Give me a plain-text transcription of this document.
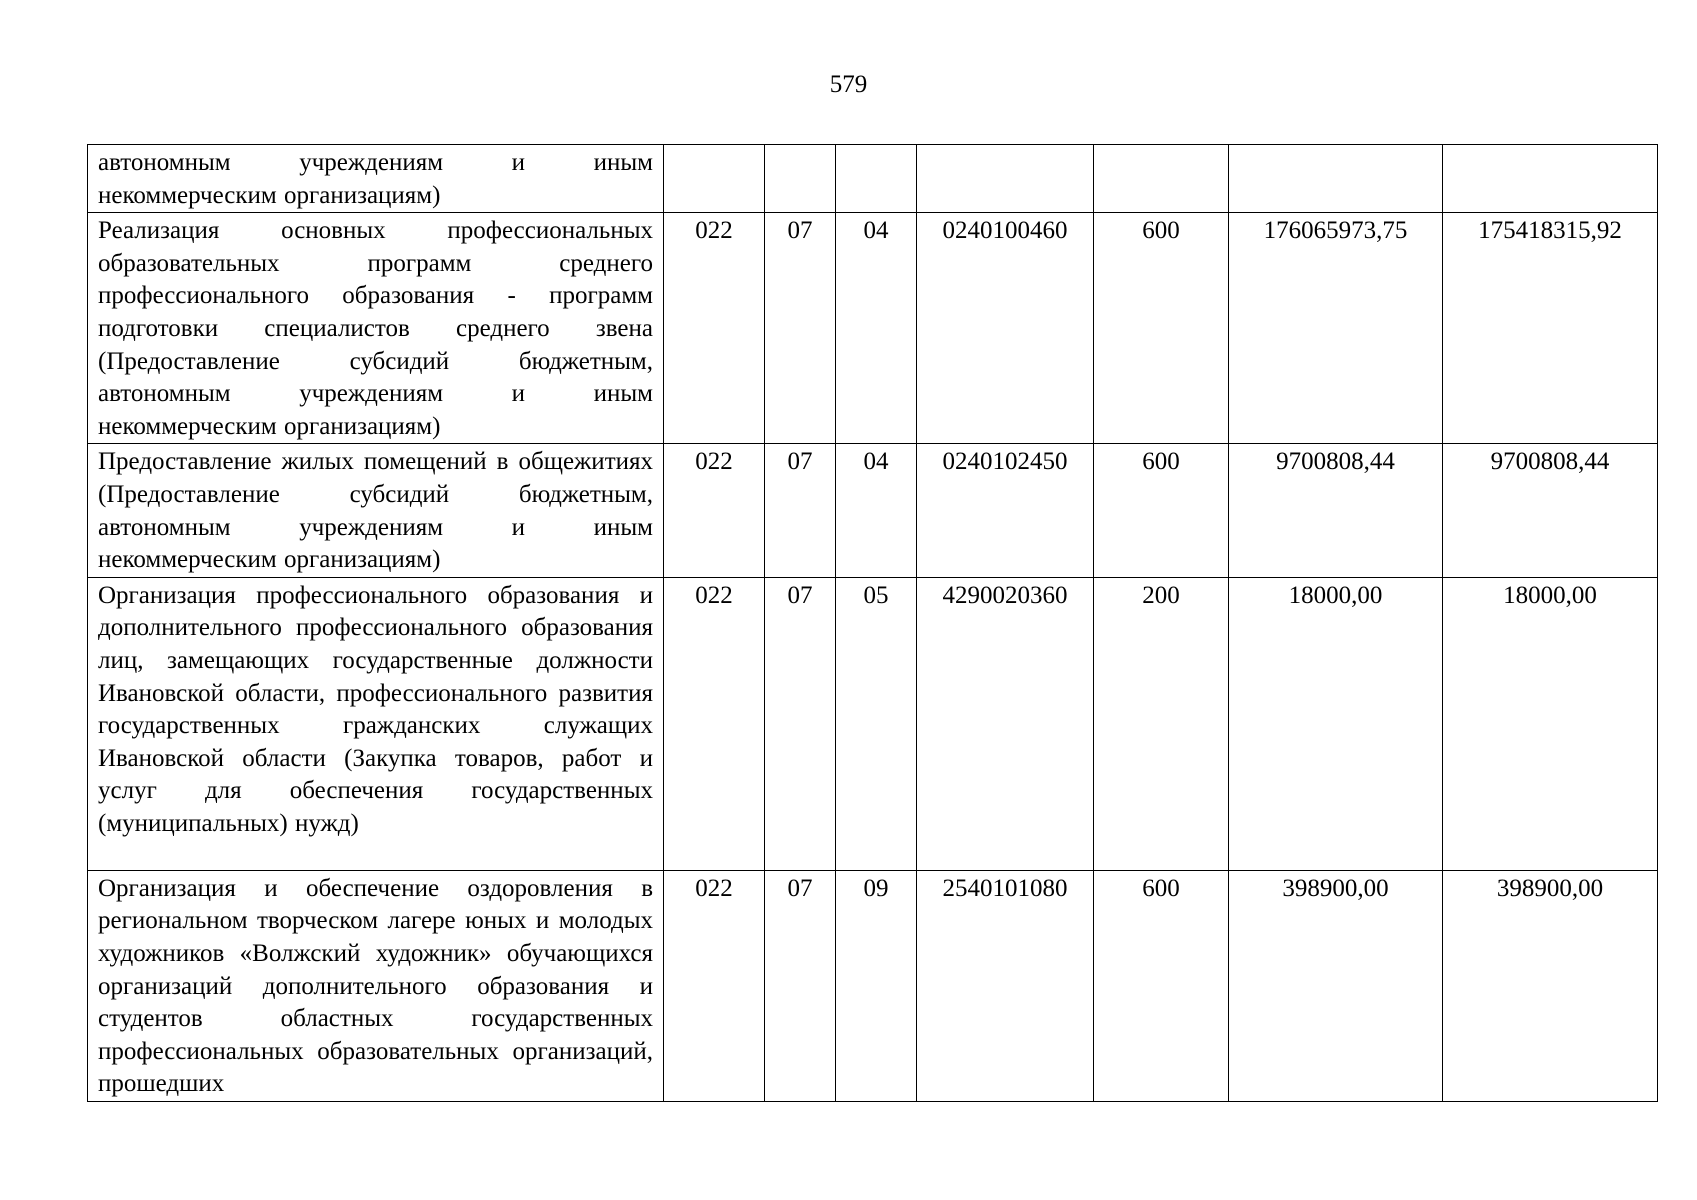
579
автономным учреждениям и иным некоммерческим организациям)							
Реализация основных профессиональных образовательных программ среднего профессионального образования - программ подготовки специалистов среднего звена (Предоставление субсидий бюджетным, автономным учреждениям и иным некоммерческим организациям)	022	07	04	0240100460	600	176065973,75	175418315,92
Предоставление жилых помещений в общежитиях (Предоставление субсидий бюджетным, автономным учреждениям и иным некоммерческим организациям)	022	07	04	0240102450	600	9700808,44	9700808,44
Организация профессионального образования и дополнительного профессионального образования лиц, замещающих государственные должности Ивановской области, профессионального развития государственных гражданских служащих Ивановской области (Закупка товаров, работ и услуг для обеспечения государственных (муниципальных) нужд)	022	07	05	4290020360	200	18000,00	18000,00
Организация и обеспечение оздоровления в региональном творческом лагере юных и молодых художников «Волжский художник» обучающихся организаций дополнительного образования и студентов областных государственных профессиональных образовательных организаций, прошедших	022	07	09	2540101080	600	398900,00	398900,00
